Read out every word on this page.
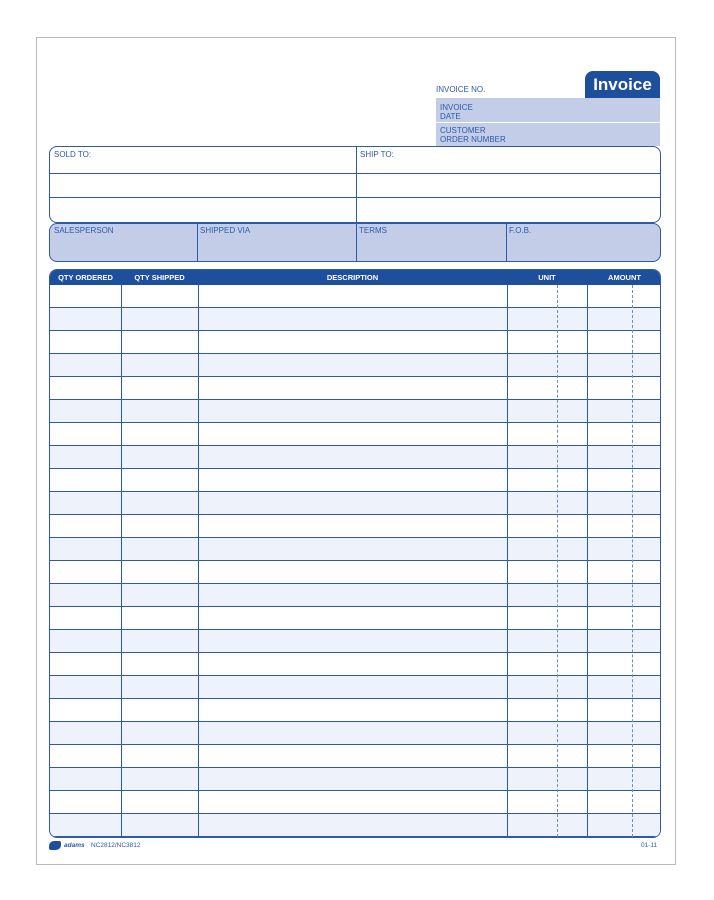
INVOICE NO.	Invoice
INVOICE
DATE
CUSTOMER
ORDER NUMBER
SOLD TO:	SHIP TO:
SALESPERSON	SHIPPED VIA	TERMS	F.O.B.
QTY ORDERED	QTY SHIPPED	DESCRIPTION	UNIT	AMOUNT
adams NC2812/NC3812	01-11
